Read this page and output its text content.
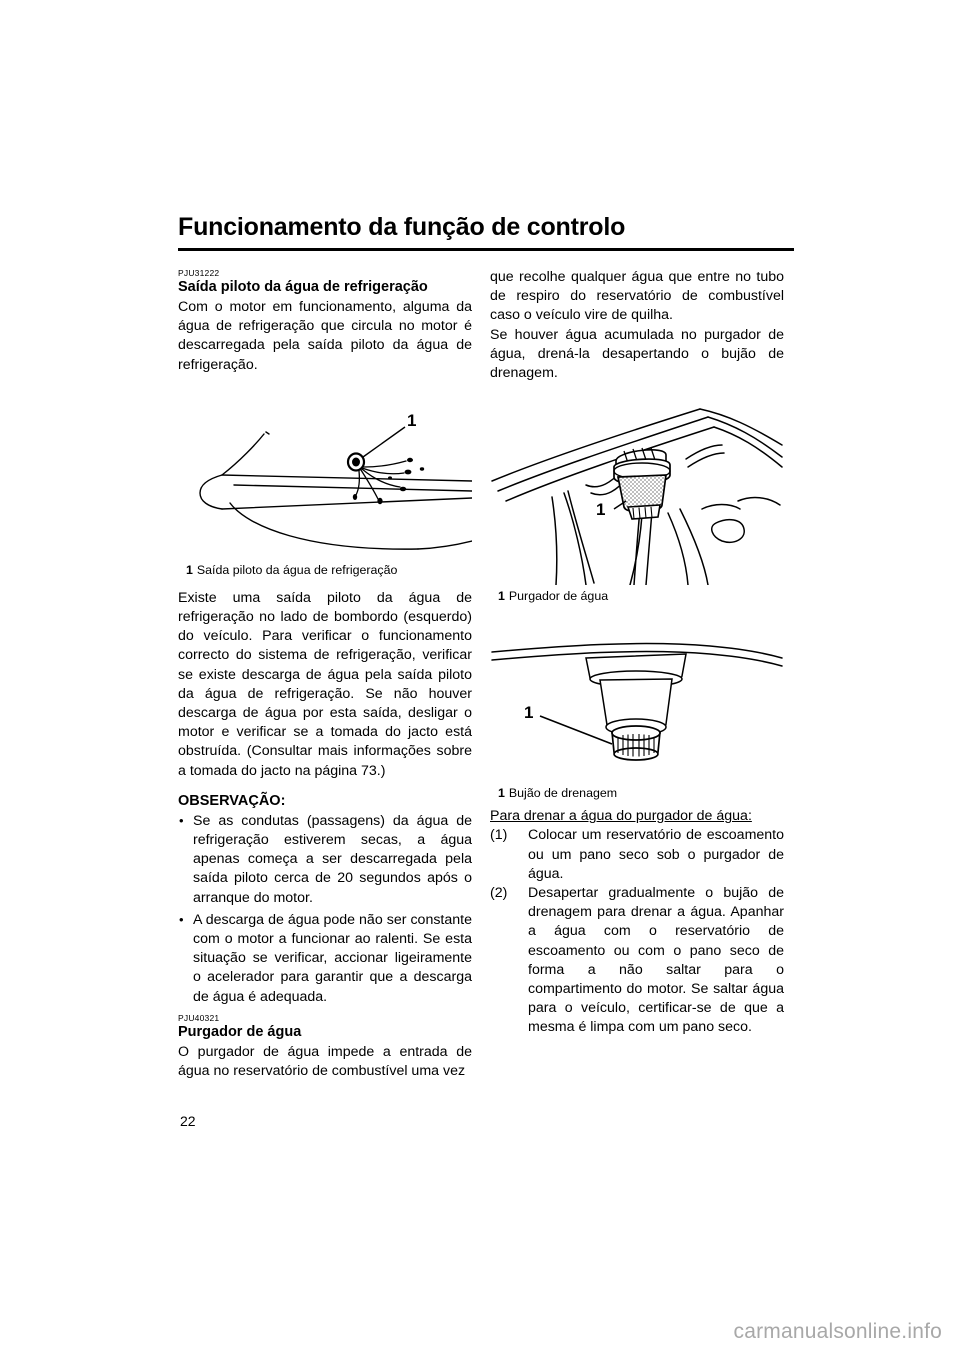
Funcionamento da função de controlo

PJU31222

Saída piloto da água de refrigeração

Com o motor em funcionamento, alguma da água de refrigeração que circula no motor é descarregada pela saída piloto da água de refrigeração.

1

1 Saída piloto da água de refrigeração

Existe uma saída piloto da água de refrigeração no lado de bombordo (esquerdo) do veículo. Para verificar o funcionamento correcto do sistema de refrigeração, verificar se existe descarga de água pela saída piloto da água de refrigeração. Se não houver descarga de água por esta saída, desligar o motor e verificar se a tomada do jacto está obstruída. (Consultar mais informações sobre a tomada do jacto na página 73.)

OBSERVAÇÃO:
• Se as condutas (passagens) da água de refrigeração estiverem secas, a água apenas começa a ser descarregada pela saída piloto cerca de 20 segundos após o arranque do motor.
• A descarga de água pode não ser constante com o motor a funcionar ao ralenti. Se esta situação se verificar, accionar ligeiramente o acelerador para garantir que a descarga de água é adequada.

PJU40321

Purgador de água

O purgador de água impede a entrada de água no reservatório de combustível uma vez

que recolhe qualquer água que entre no tubo de respiro do reservatório de combustível caso o veículo vire de quilha.

Se houver água acumulada no purgador de água, drená-la desapertando o bujão de drenagem.

1

1 Purgador de água

1

1 Bujão de drenagem

Para drenar a água do purgador de água:

(1)	Colocar um reservatório de escoamento ou um pano seco sob o purgador de água.
(2)	Desapertar gradualmente o bujão de drenagem para drenar a água. Apanhar a água com o reservatório de escoamento ou com o pano seco de forma a não saltar para o compartimento do motor. Se saltar água para o veículo, certificar-se de que a mesma é limpa com um pano seco.
22
carmanualsonline.info
